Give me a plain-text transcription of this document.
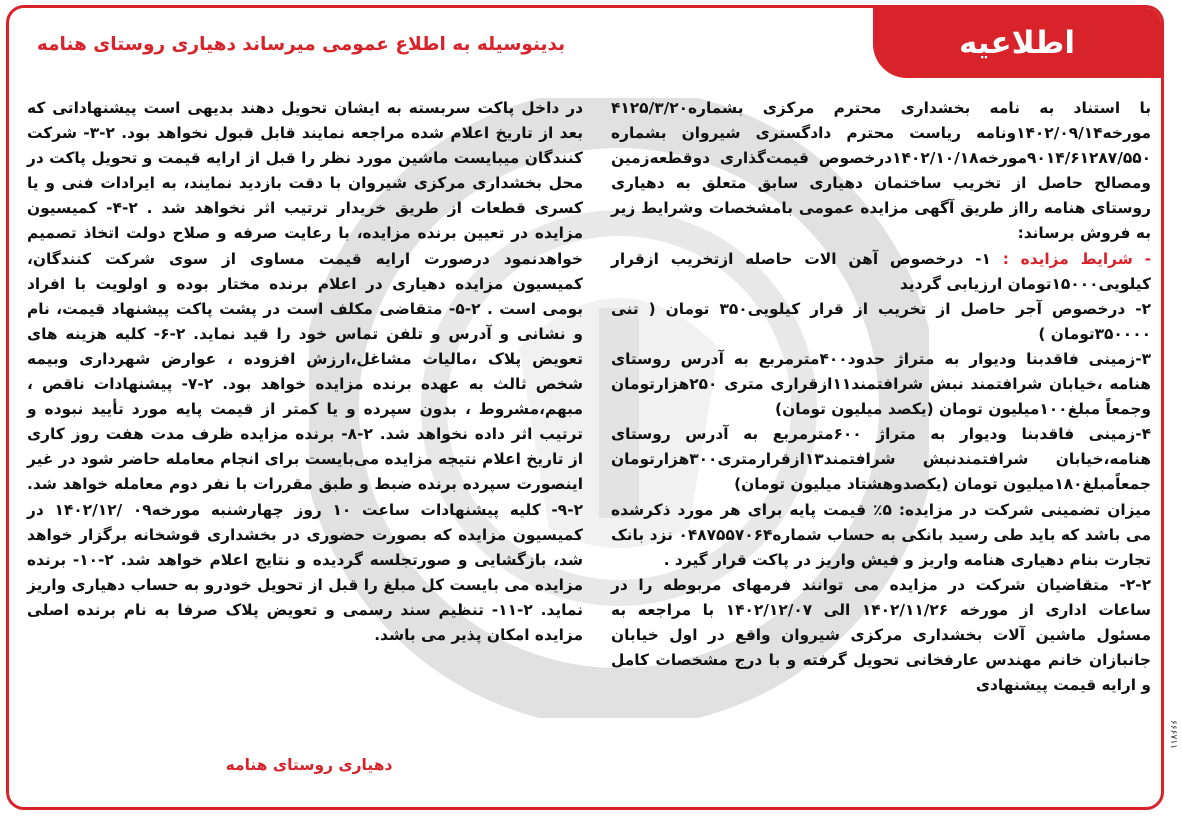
اطلاعیه
بدینوسیله به اطلاع عمومی میرساند دهیاری روستای هنامه

با استناد به نامه بخشداری محترم مرکزی بشماره۴۱۲۵/۳/۲۰ مورخه۱۴۰۲/۰۹/۱۴ونامه ریاست محترم دادگستری شیروان بشماره ۹۰۱۴/۶۱۲۸۷/۵۵۰مورخه۱۴۰۲/۱۰/۱۸درخصوص قیمت‌گذاری دوقطعه‌زمین ومصالح حاصل از تخریب ساختمان دهیاری سابق متعلق به دهیاری روستای هنامه رااز طریق آگهی مزایده عمومی بامشخصات وشرایط زیر به فروش برساند:

- شرایط مزایده : ۱- درخصوص آهن الات حاصله ازتخریب ازقرار کیلویی۱۵۰۰۰تومان ارزیابی گردید

۲- درخصوص آجر حاصل از تخریب از قرار کیلویی۳۵۰ تومان ( تنی ۳۵۰۰۰۰تومان )

۳-زمینی فاقدبنا ودیوار به متراژ حدود۴۰۰مترمربع به آدرس روستای هنامه ،خیابان شرافتمند نبش شرافتمند۱۱ازقراری متری ۲۵۰هزارتومان وجمعاً مبلغ۱۰۰میلیون تومان (یکصد میلیون تومان)

۴-زمینی فاقدبنا ودیوار به متراژ ۶۰۰مترمربع به آدرس روستای هنامه،خیابان شرافتمندنبش شرافتمند۱۳ازقرارمتری۳۰۰هزارتومان جمعاًمبلغ۱۸۰میلیون تومان (یکصدوهشتاد میلیون تومان)

میزان تضمینی شرکت در مزایده: ۵٪ قیمت پایه برای هر مورد ذکرشده می باشد که باید طی رسید بانکی به حساب شماره۰۴۸۷۵۵۷۰۶۴ نزد بانک تجارت بنام دهیاری هنامه واریز و فیش واریز در پاکت قرار گیرد .

۲-۲- متقاضیان شرکت در مزایده می توانند فرمهای مربوطه را در ساعات اداری از مورخه ۱۴۰۲/۱۱/۲۶ الی ۱۴۰۲/۱۲/۰۷ با مراجعه به مسئول ماشین آلات بخشداری مرکزی شیروان واقع در اول خیابان جانبازان خانم مهندس عارفخانی تحویل گرفته و با درج مشخصات کامل و ارایه قیمت پیشنهادی

در داخل پاکت سربسته به ایشان تحویل دهند بدیهی است پیشنهاداتی که بعد از تاریخ اعلام شده مراجعه نمایند قابل قبول نخواهد بود. ۲-۳- شرکت کنندگان میبایست ماشین مورد نظر را قبل از ارایه قیمت و تحویل پاکت در محل بخشداری مرکزی شیروان با دقت بازدید نمایند، به ایرادات فنی و یا کسری قطعات از طریق خریدار ترتیب اثر نخواهد شد . ۲-۴- کمیسیون مزایده در تعیین برنده مزایده، با رعایت صرفه و صلاح دولت اتخاذ تصمیم خواهدنمود درصورت ارایه قیمت مساوی از سوی شرکت کنندگان، کمیسیون مزایده دهیاری در اعلام برنده مختار بوده و اولویت با افراد بومی است . ۲-۵- متقاضی مکلف است در پشت پاکت پیشنهاد قیمت، نام و نشانی و آدرس و تلفن تماس خود را قید نماید. ۲-۶- کلیه هزینه های تعویض پلاک ،مالیات مشاغل،ارزش افزوده ، عوارض شهرداری وبیمه شخص ثالث به عهده برنده مزایده خواهد بود. ۲-۷- پیشنهادات ناقص ، مبهم،مشروط ، بدون سپرده و یا کمتر از قیمت پایه مورد تأیید نبوده و ترتیب اثر داده نخواهد شد. ۲-۸- برنده مزایده ظرف مدت هفت روز کاری از تاریخ اعلام نتیجه مزایده می‌بایست برای انجام معامله حاضر شود در غیر اینصورت سپرده برنده ضبط و طبق مقررات با نفر دوم معامله خواهد شد. ۲-۹- کلیه پیشنهادات ساعت ۱۰ روز چهارشنبه مورخه۰۹ /۱۴۰۲/۱۲ در کمیسیون مزایده که بصورت حضوری در بخشداری قوشخانه برگزار خواهد شد، بازگشایی و صورتجلسه گردیده و نتایج اعلام خواهد شد. ۲-۱۰- برنده مزایده می بایست کل مبلغ را قبل از تحویل خودرو به حساب دهیاری واریز نماید. ۲-۱۱- تنظیم سند رسمی و تعویض پلاک صرفا به نام برنده اصلی مزایده امکان پذیر می باشد.

دهیاری روستای هنامه
۶۶۶۷۱۱
